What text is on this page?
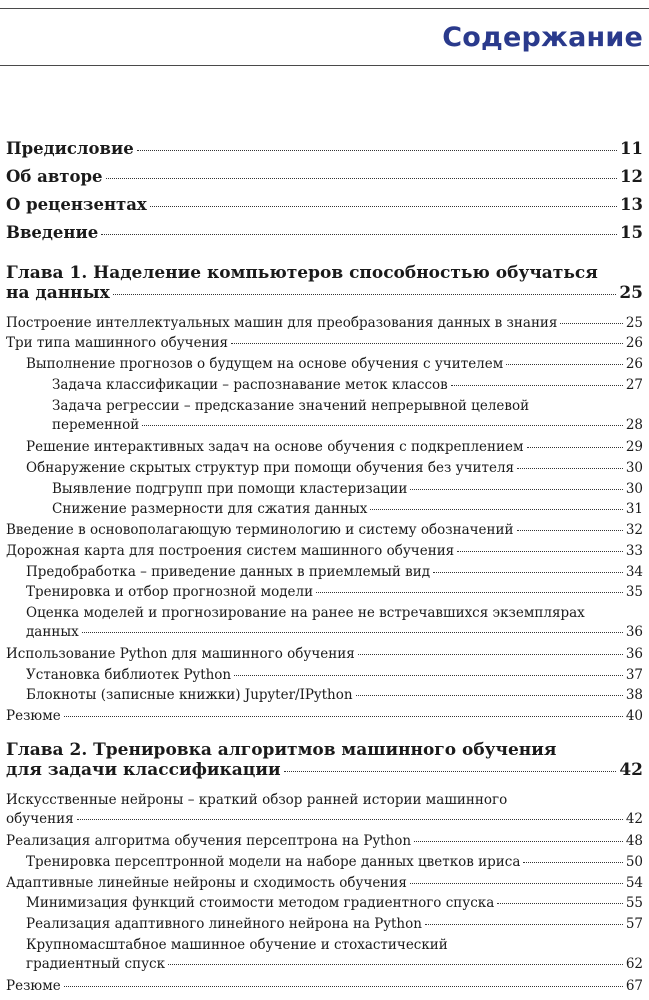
Содержание
Предисловие	11
Об авторе	12
О рецензентах	13
Введение	15
Глава 1. Наделение компьютеров способностью обучаться
на данных	25
Построение интеллектуальных машин для преобразования данных в знания	25
Три типа машинного обучения	26
Выполнение прогнозов о будущем на основе обучения с учителем	26
Задача классификации – распознавание меток классов	27
Задача регрессии – предсказание значений непрерывной целевой
переменной	28
Решение интерактивных задач на основе обучения с подкреплением	29
Обнаружение скрытых структур при помощи обучения без учителя	30
Выявление подгрупп при помощи кластеризации	30
Снижение размерности для сжатия данных	31
Введение в основополагающую терминологию и систему обозначений	32
Дорожная карта для построения систем машинного обучения	33
Предобработка – приведение данных в приемлемый вид	34
Тренировка и отбор прогнозной модели	35
Оценка моделей и прогнозирование на ранее не встречавшихся экземплярах
данных	36
Использование Python для машинного обучения	36
Установка библиотек Python	37
Блокноты (записные книжки) Jupyter/IPython	38
Резюме	40
Глава 2. Тренировка алгоритмов машинного обучения
для задачи классификации	42
Искусственные нейроны – краткий обзор ранней истории машинного
обучения	42
Реализация алгоритма обучения персептрона на Python	48
Тренировка персептронной модели на наборе данных цветков ириса	50
Адаптивные линейные нейроны и сходимость обучения	54
Минимизация функций стоимости методом градиентного спуска	55
Реализация адаптивного линейного нейрона на Python	57
Крупномасштабное машинное обучение и стохастический
градиентный спуск	62
Резюме	67
